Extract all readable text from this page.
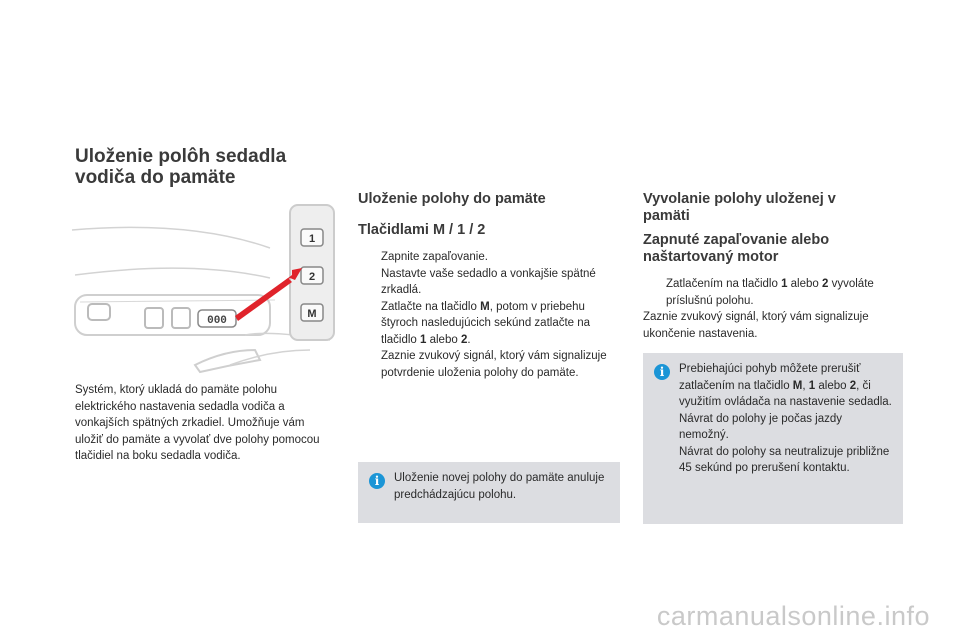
Uloženie polôh sedadla vodiča do pamäte
000
1
2
M

Systém, ktorý ukladá do pamäte polohu elektrického nastavenia sedadla vodiča a vonkajších spätných zrkadiel. Umožňuje vám uložiť do pamäte a vyvolať dve polohy pomocou tlačidiel na boku sedadla vodiča.

Uloženie polohy do pamäte

Tlačidlami M / 1 / 2

Zapnite zapaľovanie.
Nastavte vaše sedadlo a vonkajšie spätné zrkadlá.
Zatlačte na tlačidlo M, potom v priebehu štyroch nasledujúcich sekúnd zatlačte na tlačidlo 1 alebo 2.
Zaznie zvukový signál, ktorý vám signalizuje potvrdenie uloženia polohy do pamäte.
i	Uloženie novej polohy do pamäte anuluje predchádzajúcu polohu.

Vyvolanie polohy uloženej v pamäti

Zapnuté zapaľovanie alebo naštartovaný motor

Zatlačením na tlačidlo 1 alebo 2 vyvoláte príslušnú polohu.

Zaznie zvukový signál, ktorý vám signalizuje ukončenie nastavenia.

i	Prebiehajúci pohyb môžete prerušiť zatlačením na tlačidlo M, 1 alebo 2, či využitím ovládača na nastavenie sedadla.
Návrat do polohy je počas jazdy nemožný.
Návrat do polohy sa neutralizuje približne 45 sekúnd po prerušení kontaktu.
carmanualsonline.info
